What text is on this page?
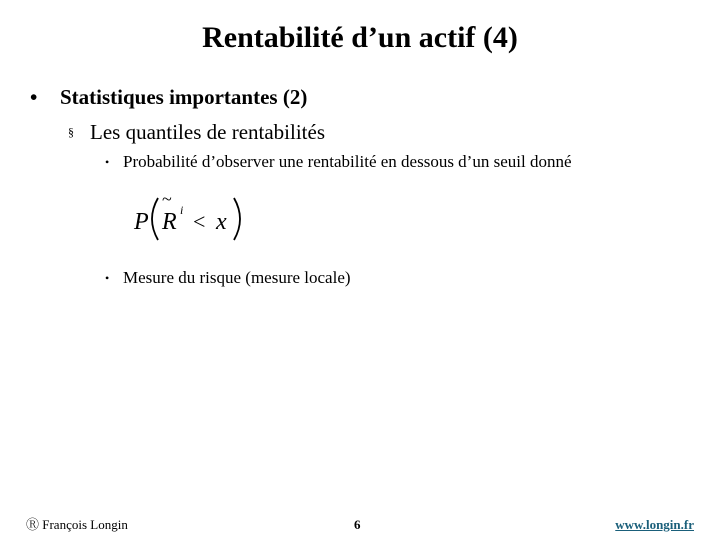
Rentabilité d’un actif (4)
• Statistiques importantes (2)
§ Les quantiles de rentabilités
• Probabilité d’observer une rentabilité en dessous d’un seuil donné
P
~
R i < x
• Mesure du risque (mesure locale)
Ⓡ François Longin	6	www.longin.fr
